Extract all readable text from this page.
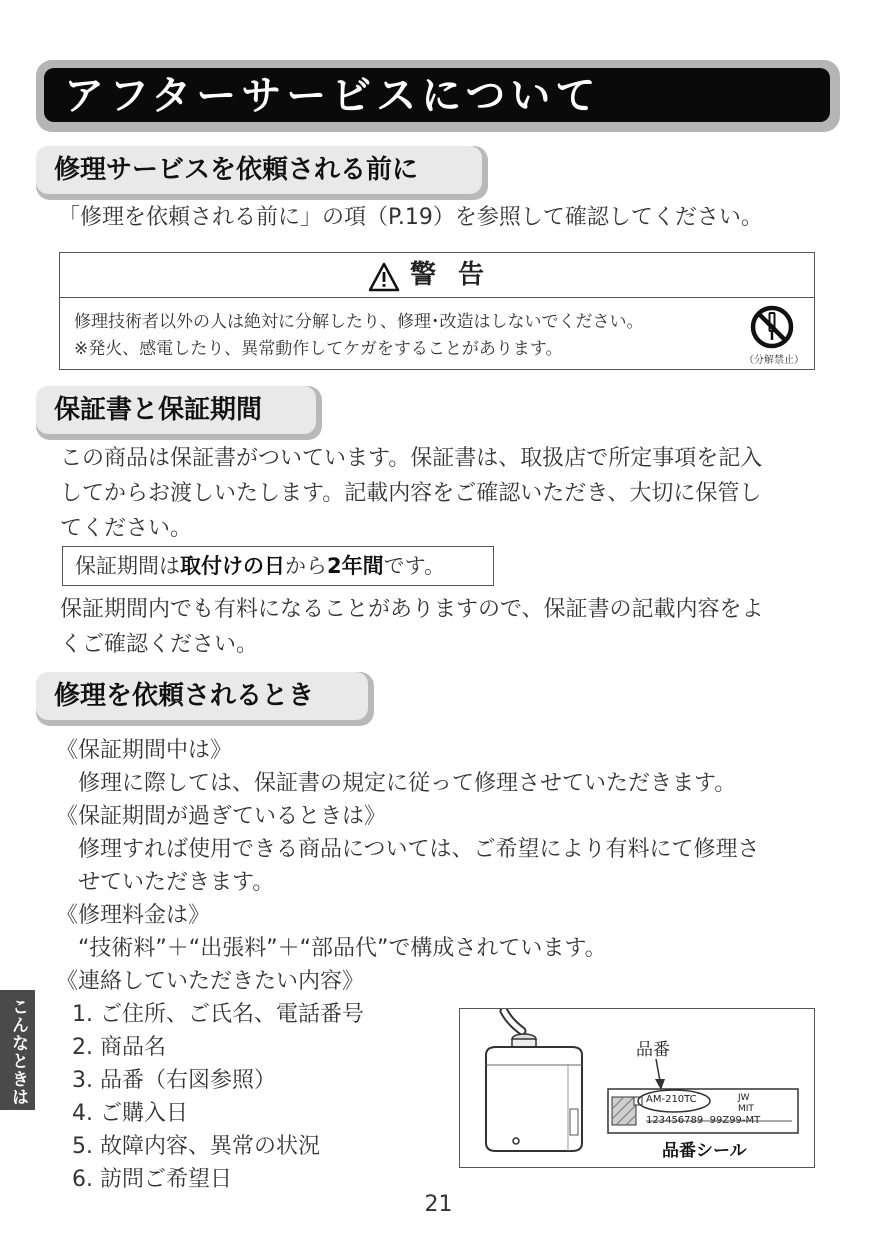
アフターサービスについて
修理サービスを依頼される前に
「修理を依頼される前に」の項（P.19）を参照して確認してください。
警告
修理技術者以外の人は絶対に分解したり、修理･改造はしないでください。
※発火、感電したり、異常動作してケガをすることがあります。
（分解禁止）
保証書と保証期間
この商品は保証書がついています。保証書は、取扱店で所定事項を記入
してからお渡しいたします。記載内容をご確認いただき、大切に保管し
てください。
保証期間は取付けの日から2年間です。
保証期間内でも有料になることがありますので、保証書の記載内容をよ
くご確認ください。
修理を依頼されるとき
《保証期間中は》
　修理に際しては、保証書の規定に従って修理させていただきます。
《保証期間が過ぎているときは》
　修理すれば使用できる商品については、ご希望により有料にて修理さ
　せていただきます。
《修理料金は》
　“技術料”＋“出張料”＋“部品代”で構成されています。
《連絡していただきたい内容》
1. ご住所、ご氏名、電話番号
2. 商品名
3. 品番（右図参照）
4. ご購入日
5. 故障内容、異常の状況
6. 訪問ご希望日
品番
AM-210TC	JW
MIT
123456789  99Z99-MT
品番シール
こんなときは
21
